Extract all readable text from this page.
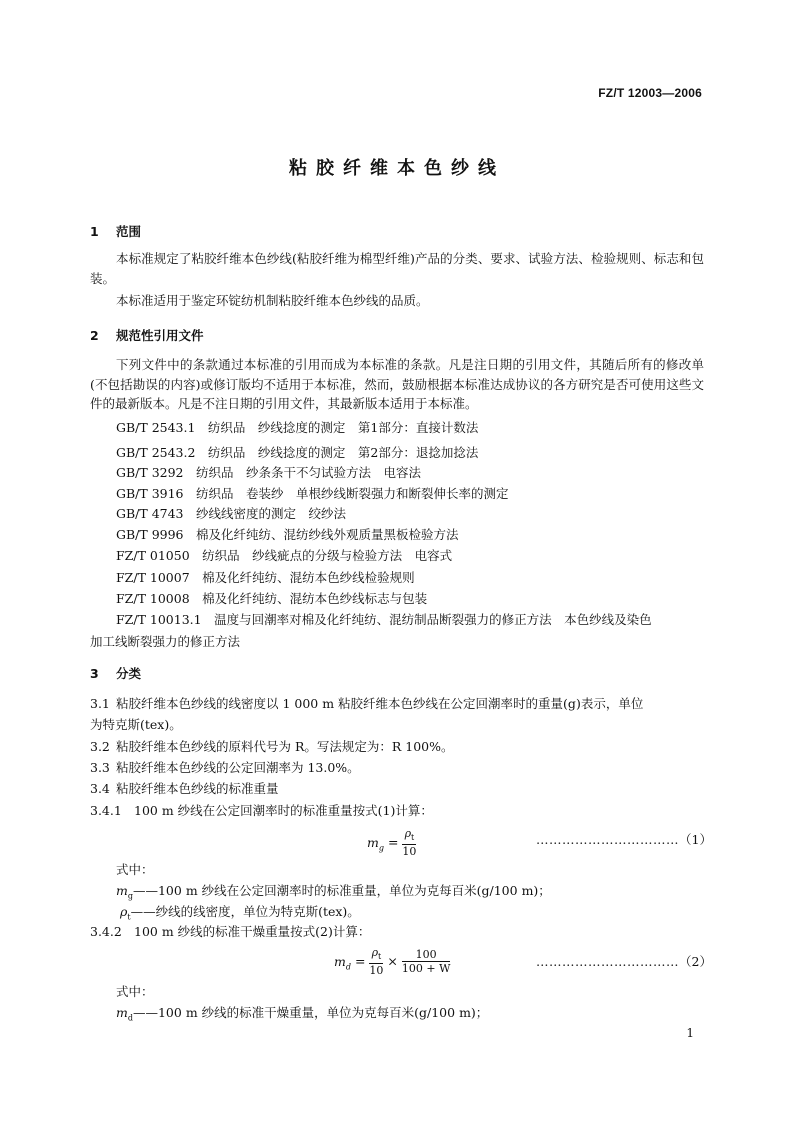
FZ/T 12003—2006
粘胶纤维本色纱线
1 范围
本标准规定了粘胶纤维本色纱线(粘胶纤维为棉型纤维)产品的分类、要求、试验方法、检验规则、标志和包装。
本标准适用于鉴定环锭纺机制粘胶纤维本色纱线的品质。
2 规范性引用文件
下列文件中的条款通过本标准的引用而成为本标准的条款。凡是注日期的引用文件，其随后所有的修改单(不包括勘误的内容)或修订版均不适用于本标准，然而，鼓励根据本标准达成协议的各方研究是否可使用这些文件的最新版本。凡是不注日期的引用文件，其最新版本适用于本标准。
GB/T 2543.1　纺织品　纱线捻度的测定　第1部分：直接计数法
GB/T 2543.2　纺织品　纱线捻度的测定　第2部分：退捻加捻法
GB/T 3292　纺织品　纱条条干不匀试验方法　电容法
GB/T 3916　纺织品　卷装纱　单根纱线断裂强力和断裂伸长率的测定
GB/T 4743　纱线线密度的测定　绞纱法
GB/T 9996　棉及化纤纯纺、混纺纱线外观质量黑板检验方法
FZ/T 01050　纺织品　纱线疵点的分级与检验方法　电容式
FZ/T 10007　棉及化纤纯纺、混纺本色纱线检验规则
FZ/T 10008　棉及化纤纯纺、混纺本色纱线标志与包装
FZ/T 10013.1　温度与回潮率对棉及化纤纯纺、混纺制品断裂强力的修正方法　本色纱线及染色
加工线断裂强力的修正方法
3 分类
3.1 粘胶纤维本色纱线的线密度以 1 000 m 粘胶纤维本色纱线在公定回潮率时的重量(g)表示，单位
为特克斯(tex)。
3.2 粘胶纤维本色纱线的原料代号为 R。写法规定为：R 100%。
3.3 粘胶纤维本色纱线的公定回潮率为 13.0%。
3.4 粘胶纤维本色纱线的标准重量
3.4.1 100 m 纱线在公定回潮率时的标准重量按式(1)计算：
$m_g = \frac{\rho_t}{10}$	……………………………（1）
式中：
$m_g——100$ m 纱线在公定回潮率时的标准重量，单位为克每百米(g/100 m)；
$\rho_t——$纱线的线密度，单位为特克斯(tex)。
3.4.2 100 m 纱线的标准干燥重量按式(2)计算：
$m_d = \frac{\rho_t}{10} \times \frac{100}{100 + W}$	……………………………（2）
式中：
$m_d——100$ m 纱线的标准干燥重量，单位为克每百米(g/100 m)；
1
